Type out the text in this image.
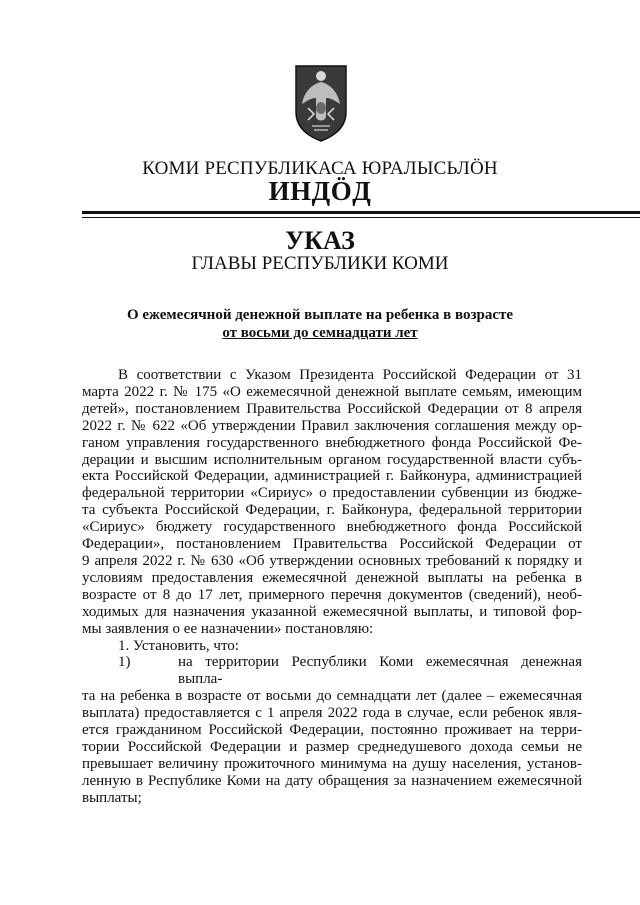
КОМИ РЕСПУБЛИКАСА ЮРАЛЫСЬЛӦН
ИНДӦД
УКАЗ
ГЛАВЫ РЕСПУБЛИКИ КОМИ
О ежемесячной денежной выплате на ребенка в возрасте
от восьми до семнадцати лет

В соответствии с Указом Президента Российской Федерации от 31

марта 2022 г. № 175 «О ежемесячной денежной выплате семьям, имеющим

детей», постановлением Правительства Российской Федерации от 8 апреля

2022 г. № 622 «Об утверждении Правил заключения соглашения между ор-

ганом управления государственного внебюджетного фонда Российской Фе-

дерации и высшим исполнительным органом государственной власти субъ-

екта Российской Федерации, администрацией г. Байконура, администрацией

федеральной территории «Сириус» о предоставлении субвенции из бюдже-

та субъекта Российской Федерации, г. Байконура, федеральной территории

«Сириус» бюджету государственного внебюджетного фонда Российской

Федерации», постановлением Правительства Российской Федерации от

9 апреля 2022 г. № 630 «Об утверждении основных требований к порядку и

условиям предоставления ежемесячной денежной выплаты на ребенка в

возрасте от 8 до 17 лет, примерного перечня документов (сведений), необ-

ходимых для назначения указанной ежемесячной выплаты, и типовой фор-

мы заявления о ее назначении» постановляю:

1. Установить, что:

1)	на территории Республики Коми ежемесячная денежная выпла-

та на ребенка в возрасте от восьми до семнадцати лет (далее – ежемесячная

выплата) предоставляется с 1 апреля 2022 года в случае, если ребенок явля-

ется гражданином Российской Федерации, постоянно проживает на терри-

тории Российской Федерации и размер среднедушевого дохода семьи не

превышает величину прожиточного минимума на душу населения, установ-

ленную в Республике Коми на дату обращения за назначением ежемесячной

выплаты;
